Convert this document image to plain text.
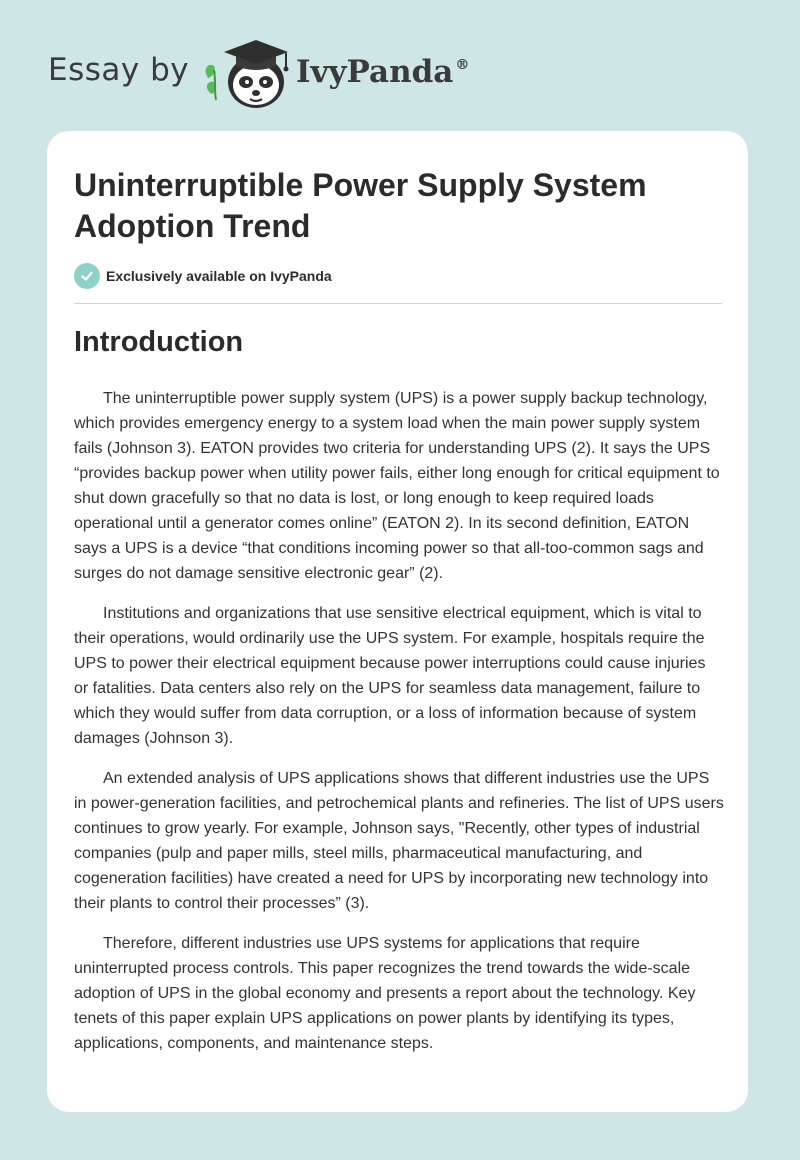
Essay by	IvyPanda ®
Uninterruptible Power Supply System Adoption Trend
Exclusively available on IvyPanda
Introduction

The uninterruptible power supply system (UPS) is a power supply backup technology, which provides emergency energy to a system load when the main power supply system fails (Johnson 3). EATON provides two criteria for understanding UPS (2). It says the UPS “provides backup power when utility power fails, either long enough for critical equipment to shut down gracefully so that no data is lost, or long enough to keep required loads operational until a generator comes online” (EATON 2). In its second definition, EATON says a UPS is a device “that conditions incoming power so that all-too-common sags and surges do not damage sensitive electronic gear” (2).

Institutions and organizations that use sensitive electrical equipment, which is vital to their operations, would ordinarily use the UPS system. For example, hospitals require the UPS to power their electrical equipment because power interruptions could cause injuries or fatalities. Data centers also rely on the UPS for seamless data management, failure to which they would suffer from data corruption, or a loss of information because of system damages (Johnson 3).

An extended analysis of UPS applications shows that different industries use the UPS in power-generation facilities, and petrochemical plants and refineries. The list of UPS users continues to grow yearly. For example, Johnson says, "Recently, other types of industrial companies (pulp and paper mills, steel mills, pharmaceutical manufacturing, and cogeneration facilities) have created a need for UPS by incorporating new technology into their plants to control their processes” (3).

Therefore, different industries use UPS systems for applications that require uninterrupted process controls. This paper recognizes the trend towards the wide-scale adoption of UPS in the global economy and presents a report about the technology. Key tenets of this paper explain UPS applications on power plants by identifying its types, applications, components, and maintenance steps.
